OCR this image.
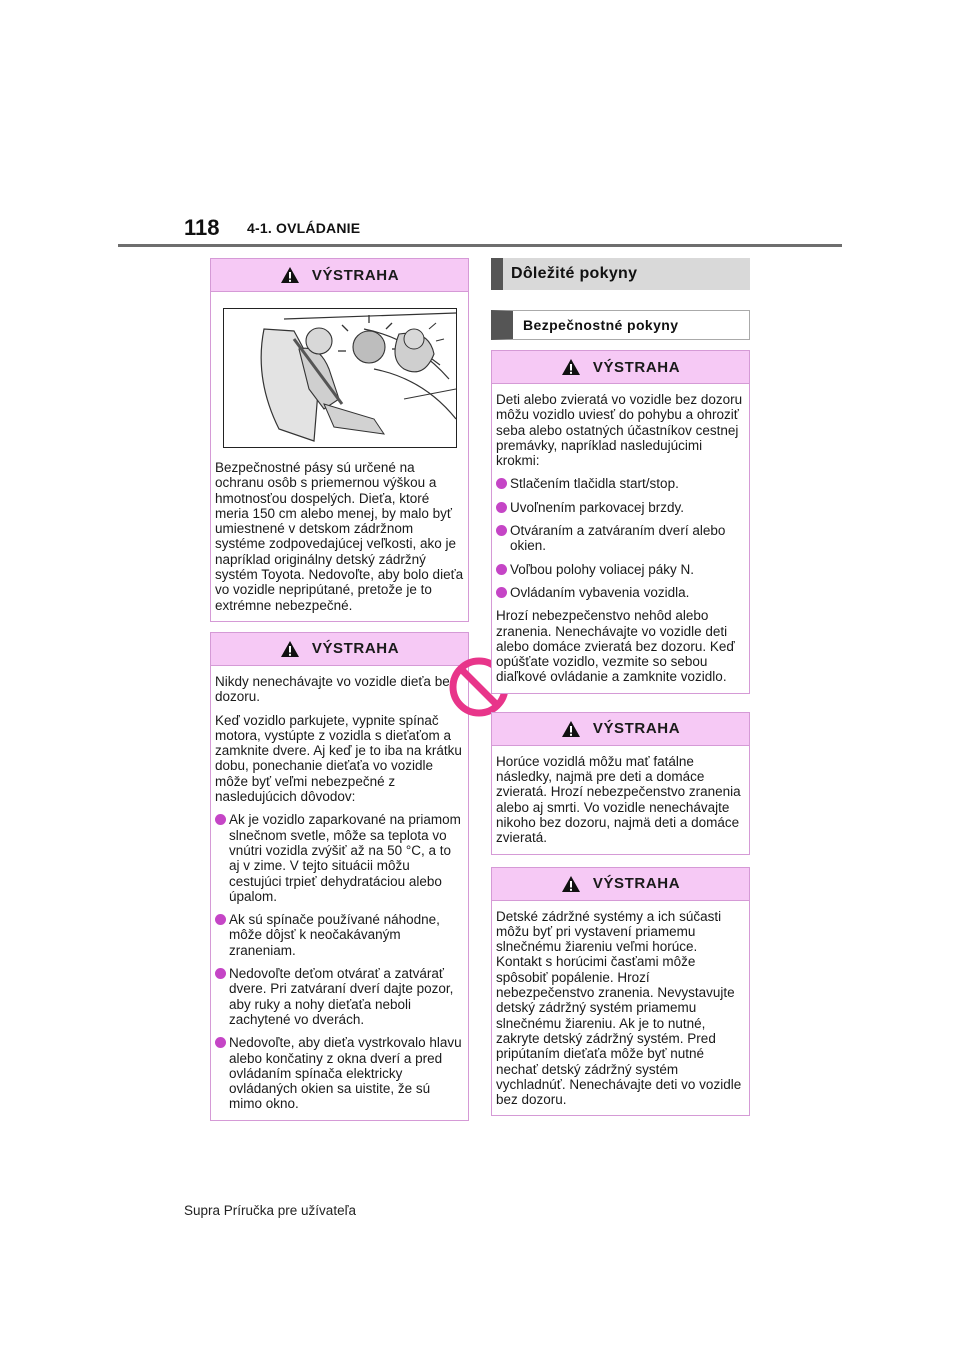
118 4-1. OVLÁDANIE
VÝSTRAHA

Bezpečnostné pásy sú určené na ochranu osôb s priemernou výškou a hmotnosťou dospelých. Dieťa, ktoré meria 150 cm alebo menej, by malo byť umiestnené v detskom zádržnom systéme zodpovedajúcej veľkosti, ako je napríklad originálny detský zádržný systém Toyota. Nedovoľte, aby bolo dieťa vo vozidle nepripútané, pretože je to extrémne nebezpečné.

VÝSTRAHA

Nikdy nenechávajte vo vozidle dieťa bez dozoru.

Keď vozidlo parkujete, vypnite spínač motora, vystúpte z vozidla s dieťaťom a zamknite dvere. Aj keď je to iba na krátku dobu, ponechanie dieťaťa vo vozidle môže byť veľmi nebezpečné z nasledujúcich dôvodov:

Ak je vozidlo zaparkované na priamom slnečnom svetle, môže sa teplota vo vnútri vozidla zvýšiť až na 50 °C, a to aj v zime. V tejto situácii môžu cestujúci trpieť dehydratáciou alebo úpalom.
Ak sú spínače používané náhodne, môže dôjsť k neočakávaným zraneniam.
Nedovoľte deťom otvárať a zatvárať dvere. Pri zatváraní dverí dajte pozor, aby ruky a nohy dieťaťa neboli zachytené vo dverách.
Nedovoľte, aby dieťa vystrkovalo hlavu alebo končatiny z okna dverí a pred ovládaním spínača elektricky ovládaných okien sa uistite, že sú mimo okno.
Dôležité pokyny
Bezpečnostné pokyny
VÝSTRAHA

Deti alebo zvieratá vo vozidle bez dozoru môžu vozidlo uviesť do pohybu a ohroziť seba alebo ostatných účastníkov cestnej premávky, napríklad nasledujúcimi krokmi:

Stlačením tlačidla start/stop.
Uvoľnením parkovacej brzdy.
Otváraním a zatváraním dverí alebo okien.
Voľbou polohy voliacej páky N.
Ovládaním vybavenia vozidla.

Hrozí nebezpečenstvo nehôd alebo zranenia. Nenechávajte vo vozidle deti alebo domáce zvieratá bez dozoru. Keď opúšťate vozidlo, vezmite so sebou diaľkové ovládanie a zamknite vozidlo.

VÝSTRAHA

Horúce vozidlá môžu mať fatálne následky, najmä pre deti a domáce zvieratá. Hrozí nebezpečenstvo zranenia alebo aj smrti. Vo vozidle nenechávajte nikoho bez dozoru, najmä deti a domáce zvieratá.

VÝSTRAHA

Detské zádržné systémy a ich súčasti môžu byť pri vystavení priamemu slnečnému žiareniu veľmi horúce. Kontakt s horúcimi časťami môže spôsobiť popálenie. Hrozí nebezpečenstvo zranenia. Nevystavujte detský zádržný systém priamemu slnečnému žiareniu. Ak je to nutné, zakryte detský zádržný systém. Pred pripútaním dieťaťa môže byť nutné nechať detský zádržný systém vychladnúť. Nenechávajte deti vo vozidle bez dozoru.

Supra Príručka pre užívateľa
